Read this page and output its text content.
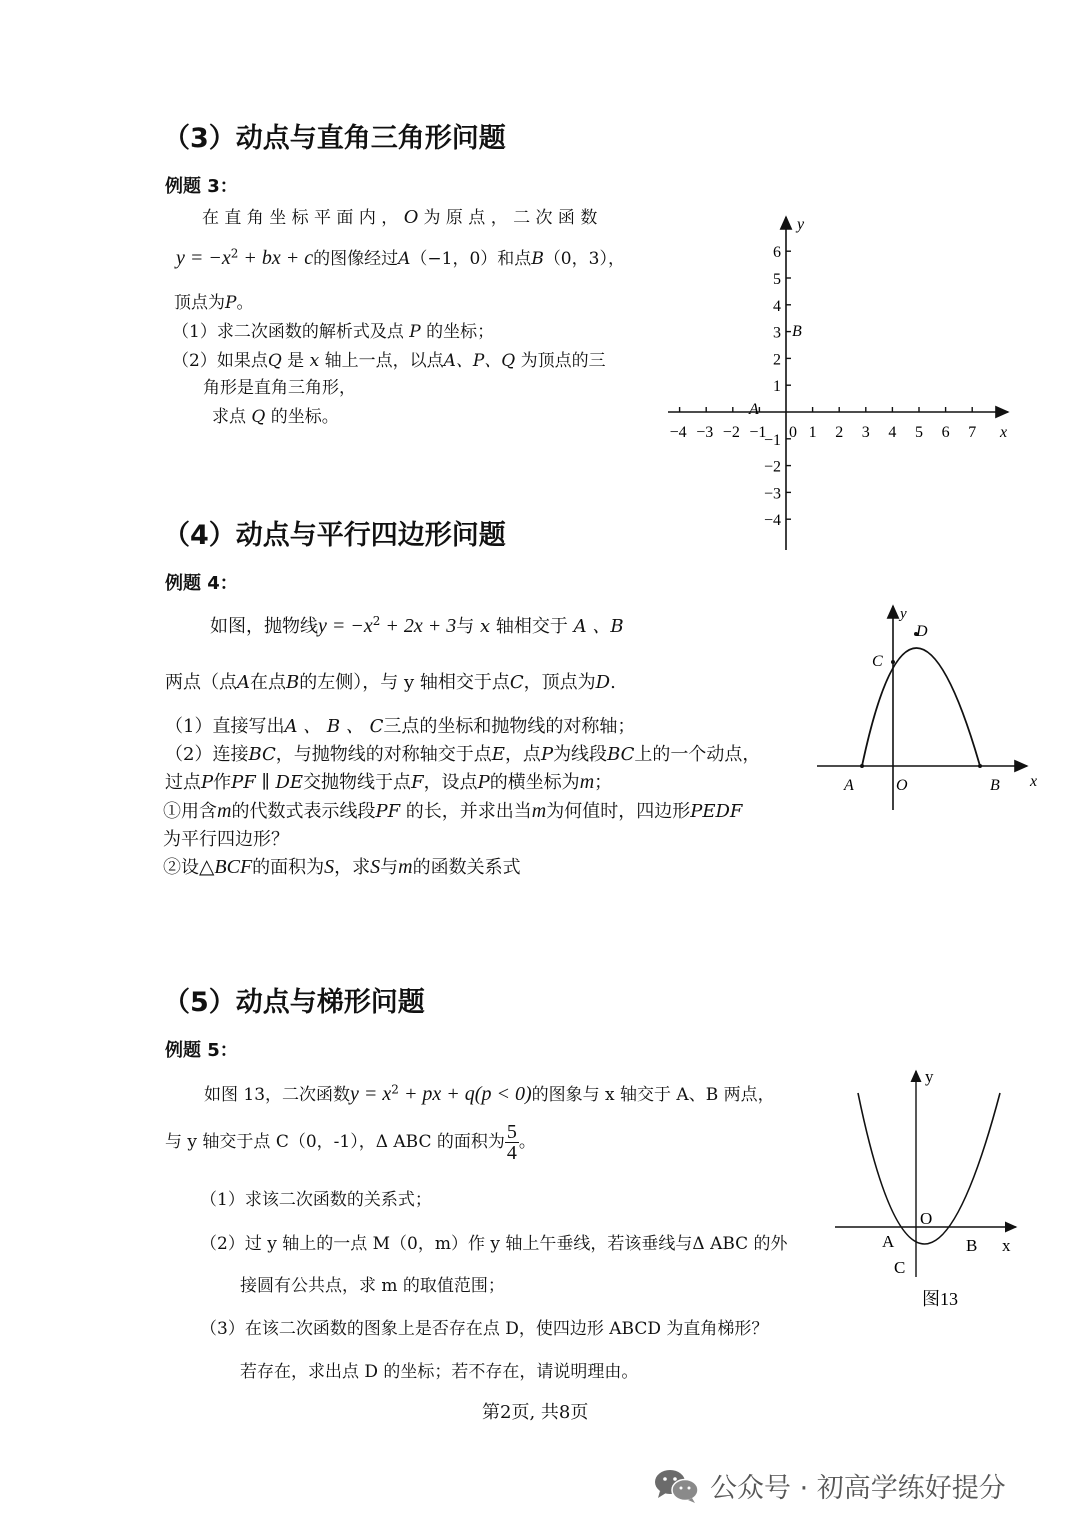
（3）动点与直角三角形问题
例题 3：
在 直 角 坐 标 平 面 内 ， O 为 原 点 ， 二 次 函 数
$y = -x^2$ + bx + c的图像经过A（−1，0）和点B（0，3），
顶点为P。
（1）求二次函数的解析式及点 P 的坐标；
（2）如果点Q 是 x 轴上一点，以点A、P、Q 为顶点的三
角形是直角三角形，
求点 Q 的坐标。
−4 −3 −2 −1 0 1 2 3 4 5 6 7
1
2
3
4
5
6
−1
−2
−3
−4
x
y
A
B
（4）动点与平行四边形问题
例题 4：
如图，抛物线$y = -x^2 + 2x + 3$与 x 轴相交于 A 、B
两点（点A在点B的左侧），与 y 轴相交于点C，顶点为D.
（1）直接写出A 、 B 、 C三点的坐标和抛物线的对称轴；
（2）连接BC，与抛物线的对称轴交于点E，点P为线段BC上的一个动点，
过点P作PF ∥ DE交抛物线于点F，设点P的横坐标为m；
①用含m的代数式表示线段PF 的长，并求出当m为何值时，四边形PEDF
为平行四边形？
②设△BCF的面积为S，求S与m的函数关系式
y
x
A	B
C
D
O
（5）动点与梯形问题
例题 5：
如图 13，二次函数$y = x^2$ + px + q(p < 0)的图象与 x 轴交于 A、B 两点，
与 y 轴交于点 C（0，-1），Δ ABC 的面积为 $\frac{5}{4}$ 。
（1）求该二次函数的关系式；
（2）过 y 轴上的一点 M（0，m）作 y 轴上午垂线，若该垂线与Δ ABC 的外
接圆有公共点，求 m 的取值范围；
（3）在该二次函数的图象上是否存在点 D，使四边形 ABCD 为直角梯形？
若存在，求出点 D 的坐标；若不存在，请说明理由。
y
x
O
A	B
C
图13
第2页, 共8页
公众号 · 初高学练好提分
